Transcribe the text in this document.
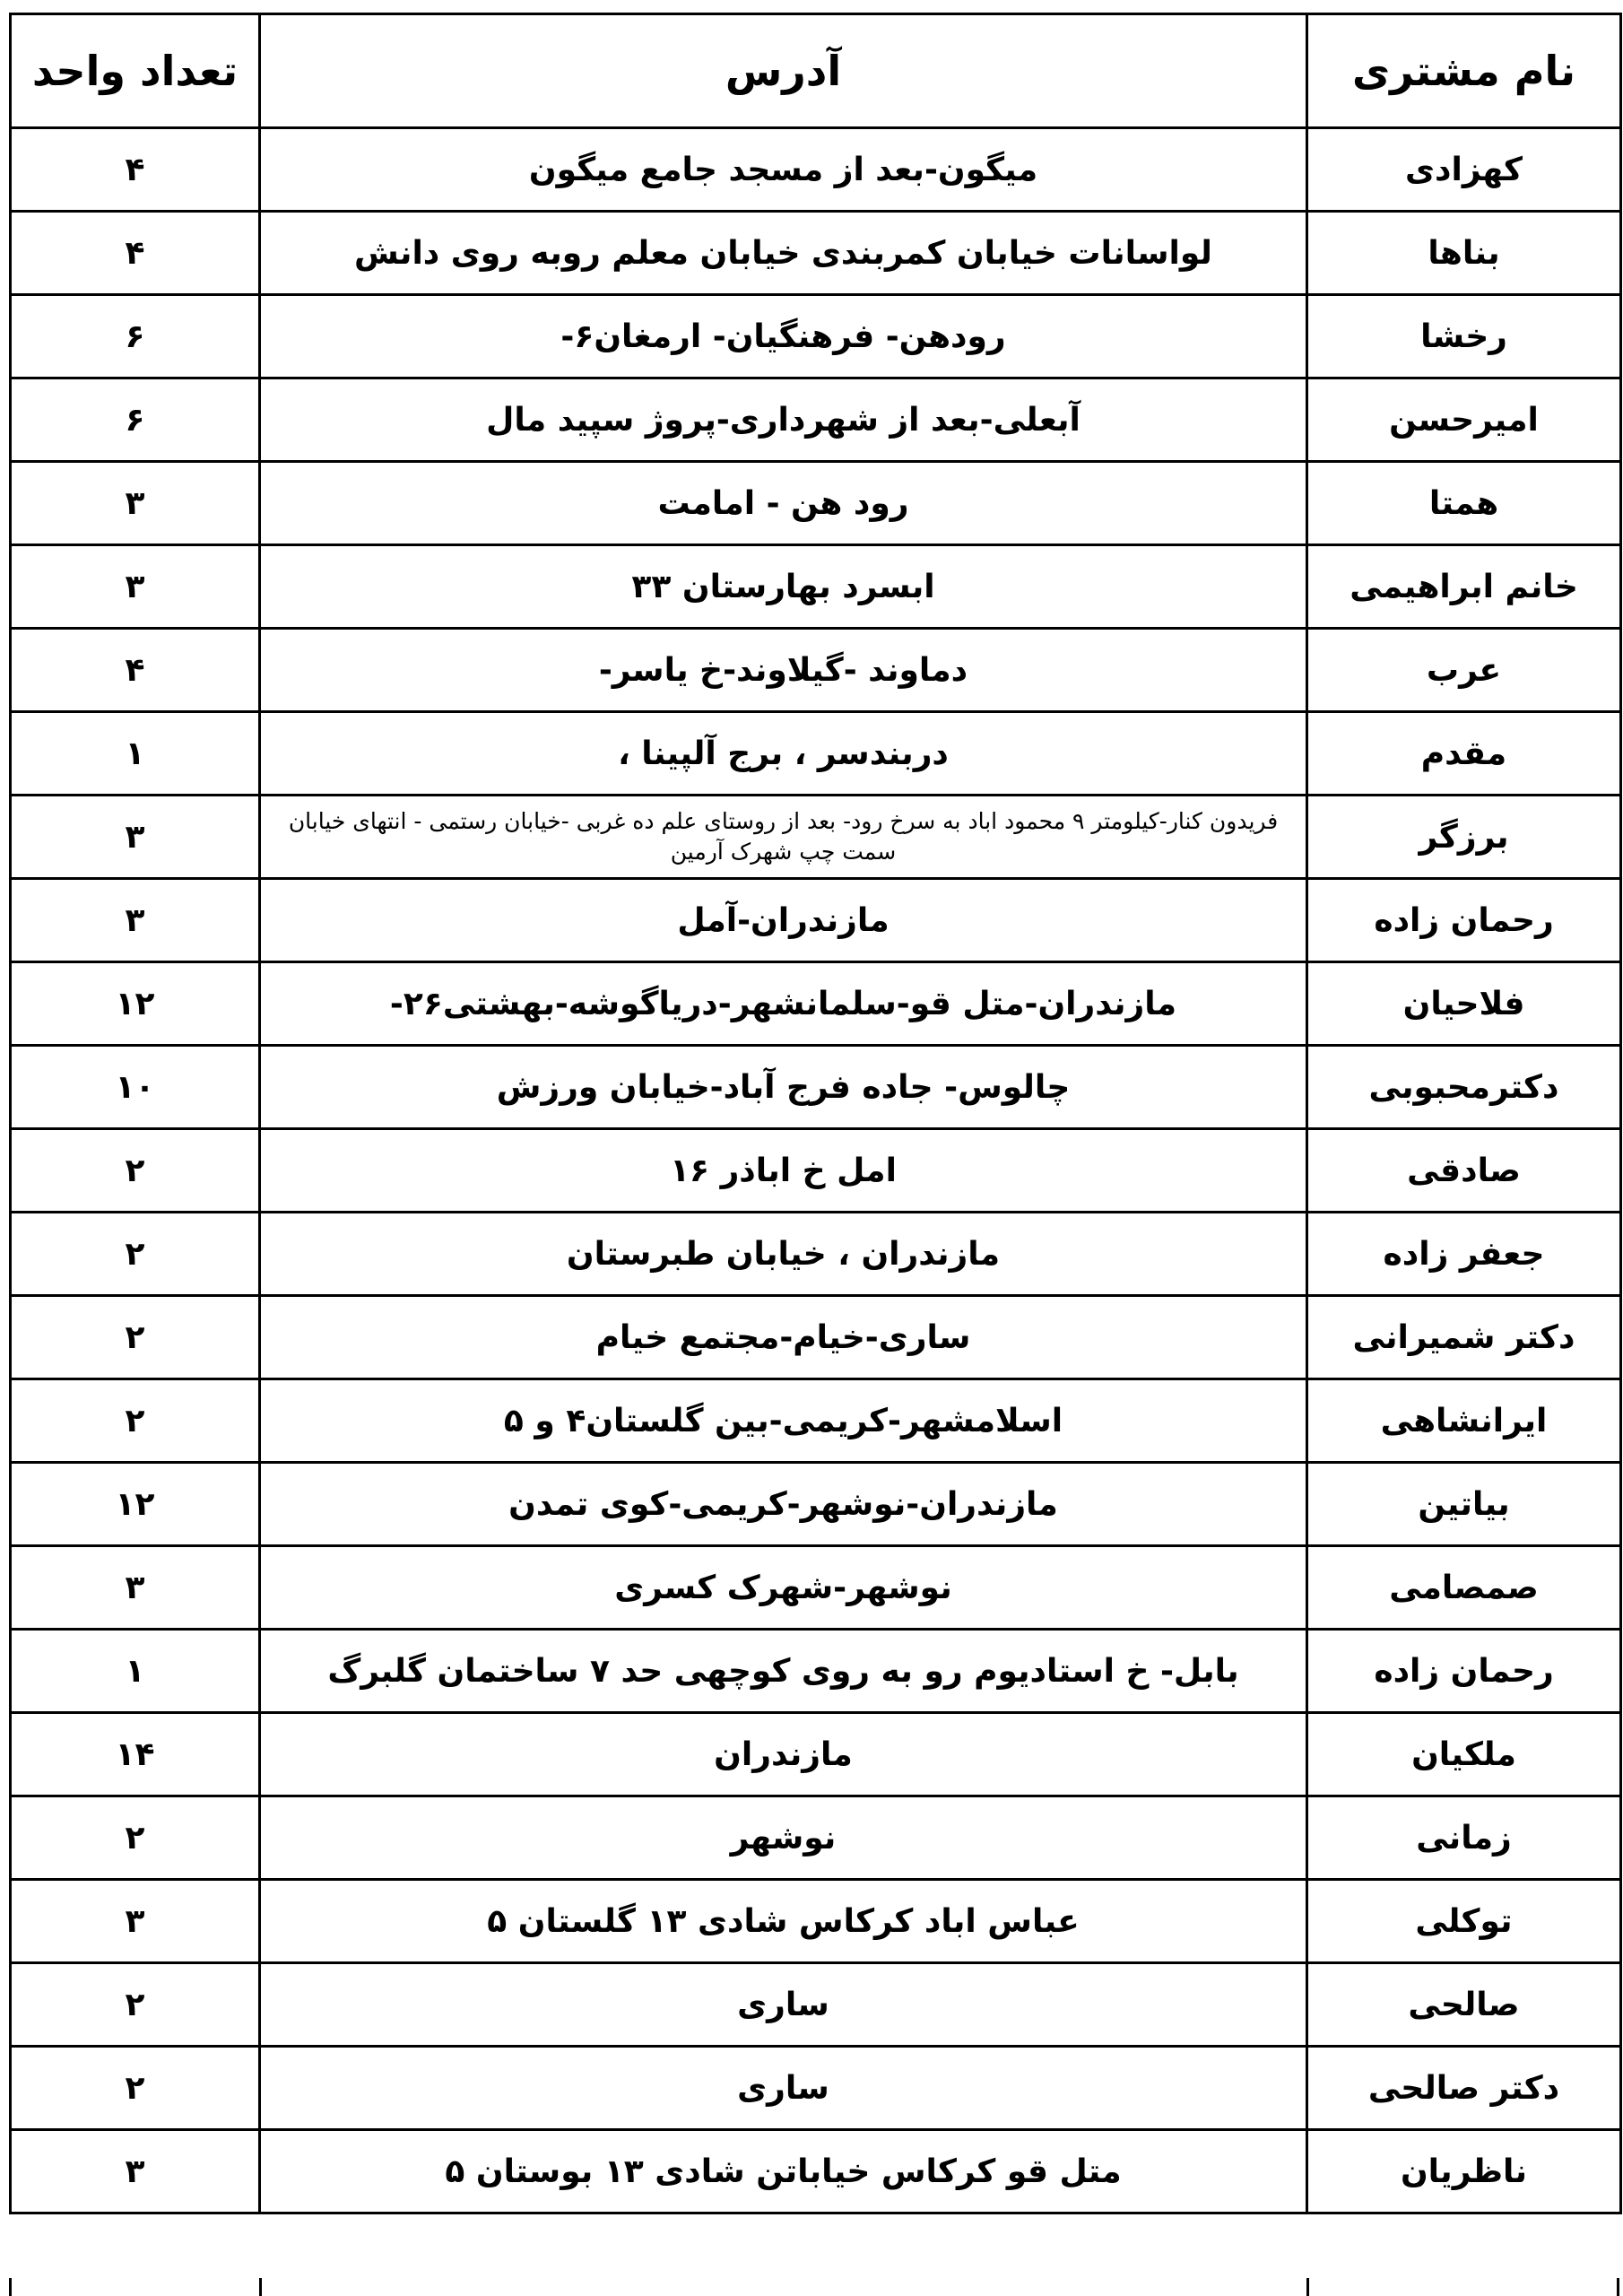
نام مشتری	آدرس	تعداد واحد
کهزادی	میگون-بعد از مسجد جامع میگون	۴
بناها	لواسانات خیابان کمربندی خیابان معلم روبه روی دانش	۴
رخشا	رودهن- فرهنگیان- ارمغان۶-	۶
امیرحسن	آبعلی-بعد از شهرداری-پروژ سپید مال	۶
همتا	رود هن - امامت	۳
خانم ابراهیمی	ابسرد بهارستان ۳۳	۳
عرب	دماوند -گیلاوند-خ یاسر-	۴
مقدم	دربندسر ، برج آلپینا ،	۱
برزگر	فریدون کنار-کیلومتر ۹ محمود اباد به سرخ رود- بعد از روستای علم ده غربی -خیابان رستمی - انتهای خیابان سمت چپ شهرک آرمین	۳
رحمان زاده	مازندران-آمل	۳
فلاحیان	مازندران-متل قو-سلمانشهر-دریاگوشه-بهشتی۲۶-	۱۲
دکترمحبوبی	چالوس- جاده فرج آباد-خیابان ورزش	۱۰
صادقی	امل خ اباذر ۱۶	۲
جعفر زاده	مازندران ، خیابان طبرستان	۲
دکتر شمیرانی	ساری-خیام-مجتمع خیام	۲
ایرانشاهی	اسلامشهر-کریمی-بین گلستان۴ و ۵	۲
بیاتین	مازندران-نوشهر-کریمی-کوی تمدن	۱۲
صمصامی	نوشهر-شهرک کسری	۳
رحمان زاده	بابل- خ استادیوم رو به روی کوچهی حد ۷ ساختمان گلبرگ	۱
ملکیان	مازندران	۱۴
زمانی	نوشهر	۲
توکلی	عباس اباد کرکاس شادی ۱۳ گلستان ۵	۳
صالحی	ساری	۲
دکتر صالحی	ساری	۲
ناظریان	متل قو کرکاس خیاباتن شادی ۱۳ بوستان ۵	۳
